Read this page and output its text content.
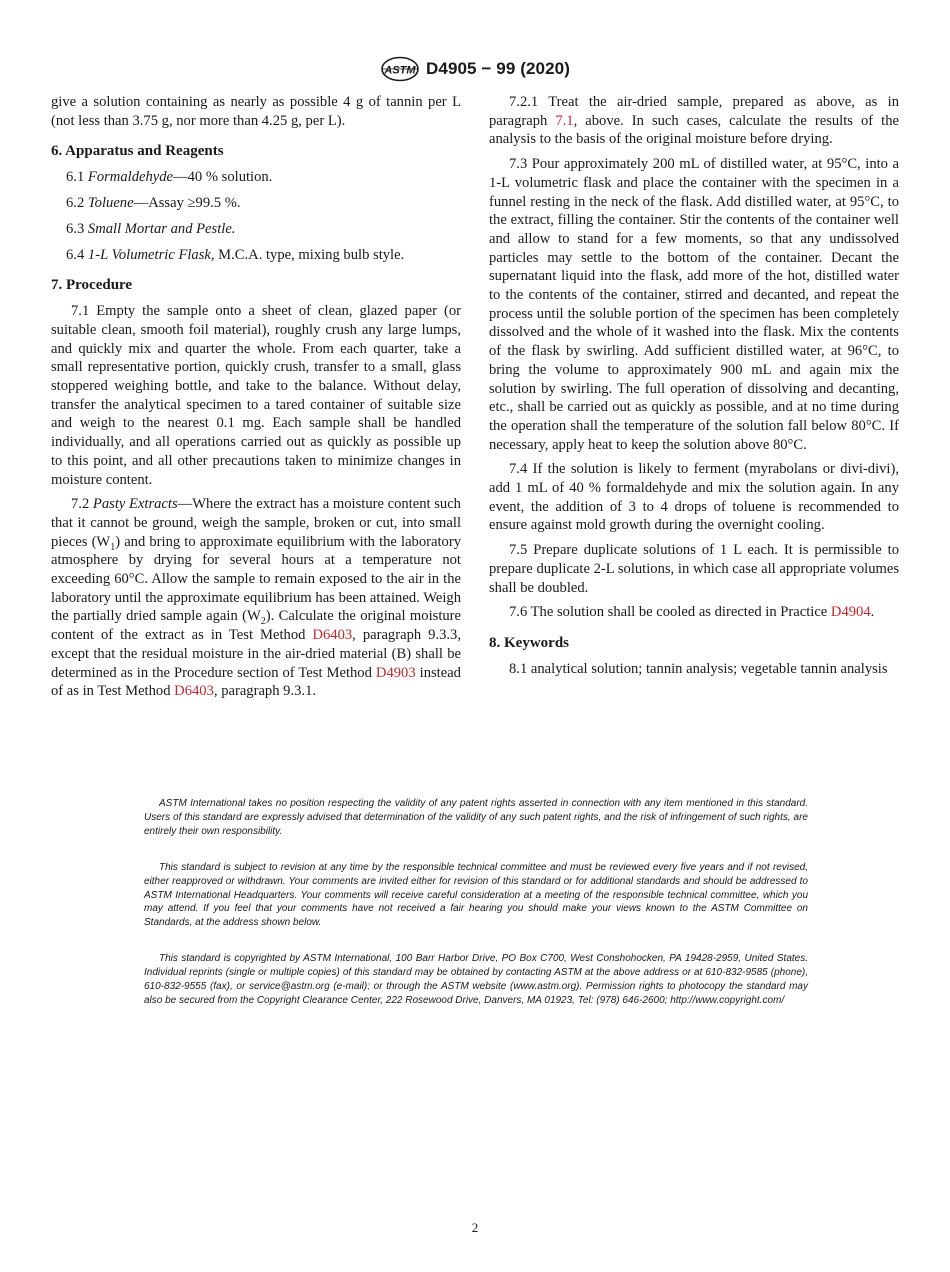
ASTM D4905 − 99 (2020)

give a solution containing as nearly as possible 4 g of tannin per L (not less than 3.75 g, nor more than 4.25 g, per L).

6. Apparatus and Reagents
6.1 Formaldehyde—40 % solution.
6.2 Toluene—Assay ≥99.5 %.
6.3 Small Mortar and Pestle.
6.4 1-L Volumetric Flask, M.C.A. type, mixing bulb style.
7. Procedure

7.1 Empty the sample onto a sheet of clean, glazed paper (or suitable clean, smooth foil material), roughly crush any large lumps, and quickly mix and quarter the whole. From each quarter, take a small representative portion, quickly crush, transfer to a small, glass stoppered weighing bottle, and take to the balance. Without delay, transfer the analytical specimen to a tared container of suitable size and weigh to the nearest 0.1 mg. Each sample shall be handled individually, and all operations carried out as quickly as possible up to this point, and all other precautions taken to minimize changes in moisture content.

7.2 Pasty Extracts—Where the extract has a moisture content such that it cannot be ground, weigh the sample, broken or cut, into small pieces $(W_1)$ and bring to approximate equilibrium with the laboratory atmosphere by drying for several hours at a temperature not exceeding 60°C. Allow the sample to remain exposed to the air in the laboratory until the approximate equilibrium has been attained. Weigh the partially dried sample again $(W_2)$. Calculate the original moisture content of the extract as in Test Method D6403, paragraph 9.3.3, except that the residual moisture in the air-dried material (B) shall be determined as in the Procedure section of Test Method D4903 instead of as in Test Method D6403, paragraph 9.3.1.

7.2.1 Treat the air-dried sample, prepared as above, as in paragraph 7.1, above. In such cases, calculate the results of the analysis to the basis of the original moisture before drying.

7.3 Pour approximately 200 mL of distilled water, at 95°C, into a 1-L volumetric flask and place the container with the specimen in a funnel resting in the neck of the flask. Add distilled water, at 95°C, to the extract, filling the container. Stir the contents of the container well and allow to stand for a few moments, so that any undissolved particles may settle to the bottom of the container. Decant the supernatant liquid into the flask, add more of the hot, distilled water to the contents of the container, stirred and decanted, and repeat the process until the soluble portion of the specimen has been completely dissolved and the whole of it washed into the flask. Mix the contents of the flask by swirling. Add sufficient distilled water, at 96°C, to bring the volume to approximately 900 mL and again mix the solution by swirling. The full operation of dissolving and decanting, etc., shall be carried out as quickly as possible, and at no time during the operation shall the temperature of the solution fall below 80°C. If necessary, apply heat to keep the solution above 80°C.

7.4 If the solution is likely to ferment (myrabolans or divi-divi), add 1 mL of 40 % formaldehyde and mix the solution again. In any event, the addition of 3 to 4 drops of toluene is recommended to ensure against mold growth during the overnight cooling.

7.5 Prepare duplicate solutions of 1 L each. It is permissible to prepare duplicate 2-L solutions, in which case all appropriate volumes shall be doubled.

7.6 The solution shall be cooled as directed in Practice D4904.

8. Keywords

8.1 analytical solution; tannin analysis; vegetable tannin analysis

ASTM International takes no position respecting the validity of any patent rights asserted in connection with any item mentioned in this standard. Users of this standard are expressly advised that determination of the validity of any such patent rights, and the risk of infringement of such rights, are entirely their own responsibility.

This standard is subject to revision at any time by the responsible technical committee and must be reviewed every five years and if not revised, either reapproved or withdrawn. Your comments are invited either for revision of this standard or for additional standards and should be addressed to ASTM International Headquarters. Your comments will receive careful consideration at a meeting of the responsible technical committee, which you may attend. If you feel that your comments have not received a fair hearing you should make your views known to the ASTM Committee on Standards, at the address shown below.

This standard is copyrighted by ASTM International, 100 Barr Harbor Drive, PO Box C700, West Conshohocken, PA 19428-2959, United States. Individual reprints (single or multiple copies) of this standard may be obtained by contacting ASTM at the above address or at 610-832-9585 (phone), 610-832-9555 (fax), or service@astm.org (e-mail); or through the ASTM website (www.astm.org). Permission rights to photocopy the standard may also be secured from the Copyright Clearance Center, 222 Rosewood Drive, Danvers, MA 01923, Tel: (978) 646-2600; http://www.copyright.com/

2
